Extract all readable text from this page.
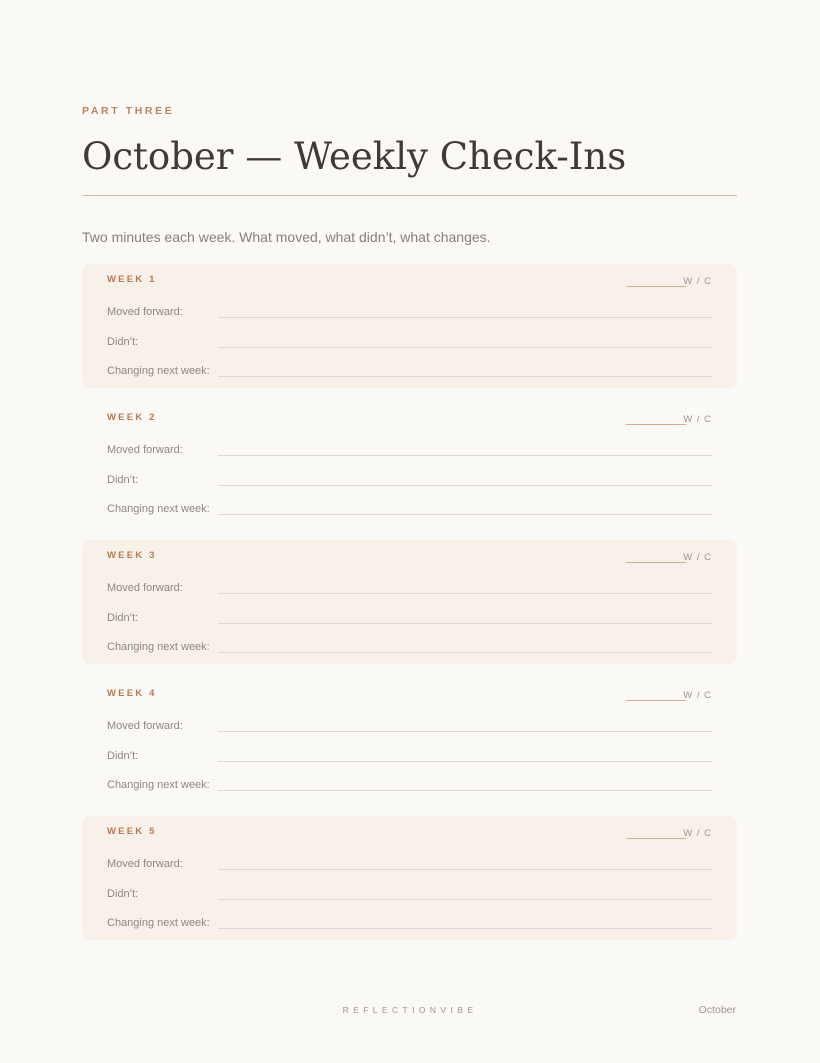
PART THREE
October — Weekly Check-Ins
Two minutes each week. What moved, what didn’t, what changes.
WEEK 1	W / C
Moved forward:
Didn’t:
Changing next week:
WEEK 2	W / C
Moved forward:
Didn’t:
Changing next week:
WEEK 3	W / C
Moved forward:
Didn’t:
Changing next week:
WEEK 4	W / C
Moved forward:
Didn’t:
Changing next week:
WEEK 5	W / C
Moved forward:
Didn’t:
Changing next week:
REFLECTIONVIBE	October
